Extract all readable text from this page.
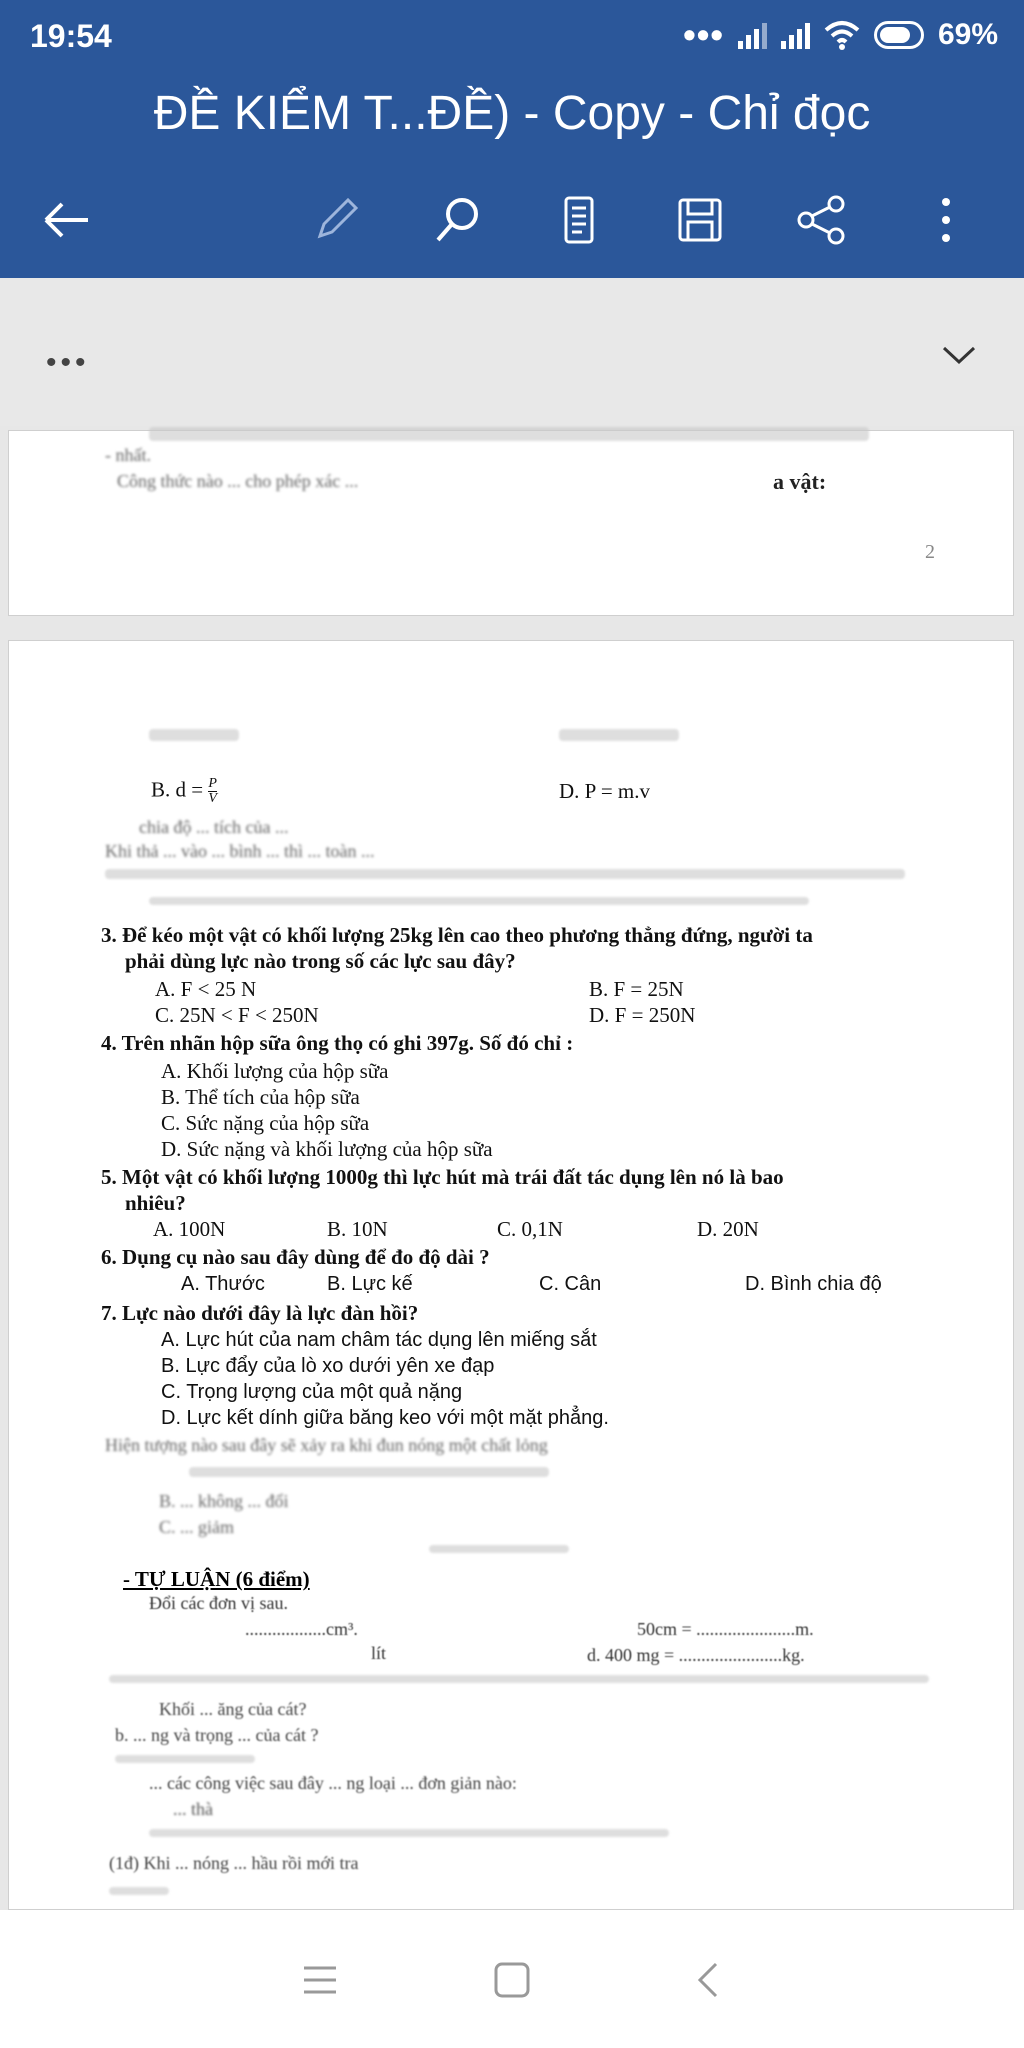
19:54	•••	69%
ĐỀ KIỂM T...ĐỀ) - Copy - Chỉ đọc
•••
- nhất.
Công thức nào ... cho phép xác ...	a vật:
2
B. $d = \frac{P}{V}$	D. P = m.v
chia độ ... tích của ...
Khi thả ... vào ... bình ... thì ... toàn ...
3. Để kéo một vật có khối lượng 25kg lên cao theo phương thẳng đứng, người ta
phải dùng lực nào trong số các lực sau đây?
A. F < 25 N	B. F = 25N
C. 25N < F < 250N	D. F = 250N
4. Trên nhãn hộp sữa ông thọ có ghi 397g. Số đó chỉ :
A. Khối lượng của hộp sữa
B. Thể tích của hộp sữa
C. Sức nặng của hộp sữa
D. Sức nặng và khối lượng của hộp sữa
5. Một vật có khối lượng 1000g thì lực hút mà trái đất tác dụng lên nó là bao
nhiêu?
A. 100N	B. 10N	C. 0,1N	D. 20N
6. Dụng cụ nào sau đây dùng để đo độ dài ?
A. Thước	B. Lực kế	C. Cân	D. Bình chia độ
7. Lực nào dưới đây là lực đàn hồi?
A. Lực hút của nam châm tác dụng lên miếng sắt
B. Lực đẩy của lò xo dưới yên xe đạp
C. Trọng lượng của một quả nặng
D. Lực kết dính giữa băng keo với một mặt phẳng.
Hiện tượng nào sau đây sẽ xảy ra khi đun nóng một chất lỏng
B. ... không ... đổi
C. ... giảm
- TỰ LUẬN (6 điểm)
Đổi các đơn vị sau.
..................cm³.	50cm = ......................m.
lít	d. 400 mg = .......................kg.
Khối ... ăng của cát?
b. ... ng và trọng ... của cát ?
... các công việc sau đây ... ng loại ... đơn giản nào:
... thà
(1đ) Khi ... nóng ... hầu rồi mới tra
